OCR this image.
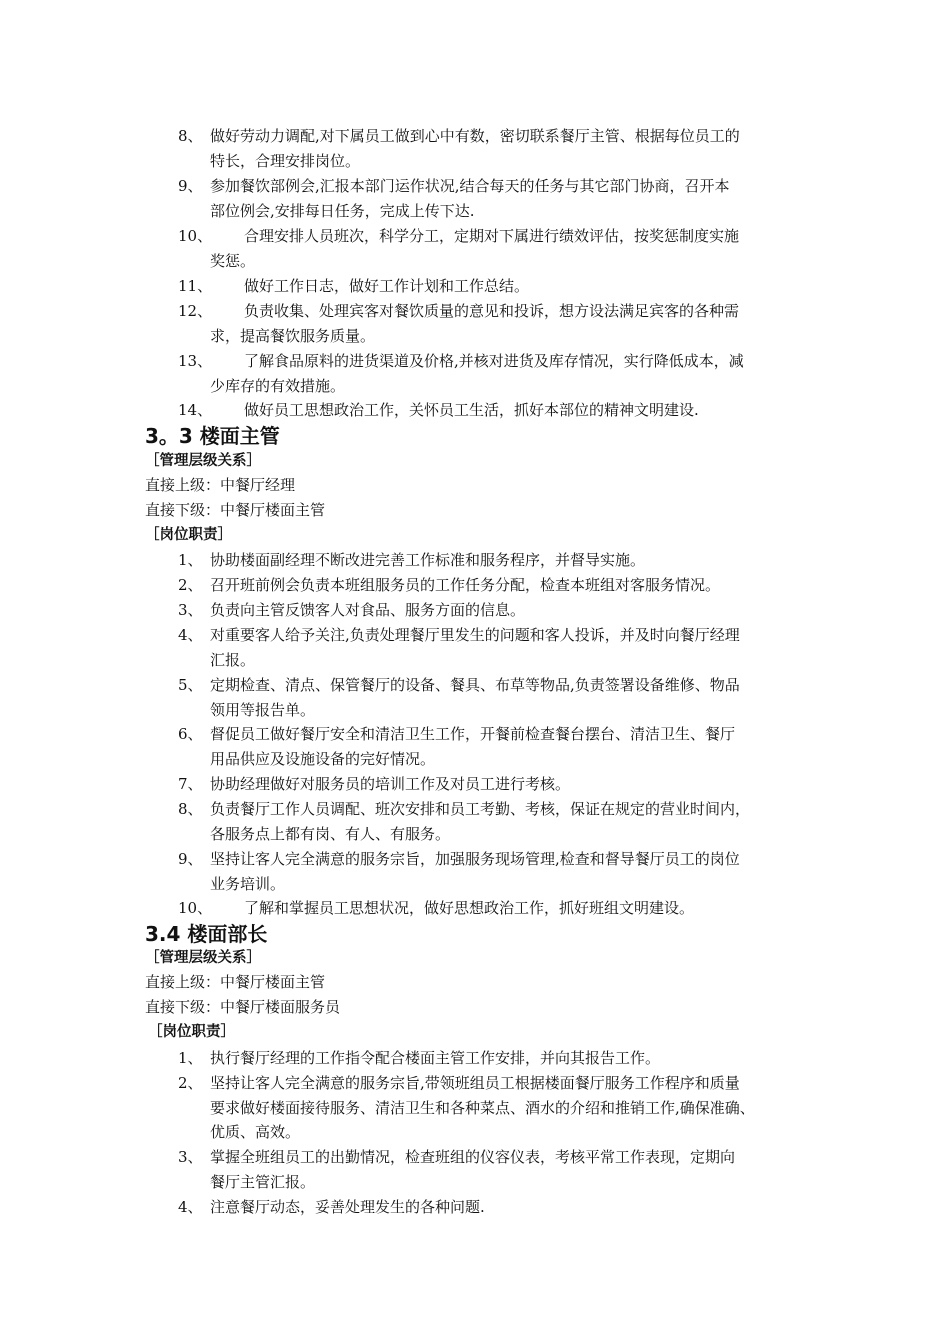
8、 做好劳动力调配,对下属员工做到心中有数，密切联系餐厅主管、根据每位员工的
特长，合理安排岗位。
9、 参加餐饮部例会,汇报本部门运作状况,结合每天的任务与其它部门协商，召开本
部位例会,安排每日任务，完成上传下达.
10、	合理安排人员班次，科学分工，定期对下属进行绩效评估，按奖惩制度实施
奖惩。
11、	做好工作日志，做好工作计划和工作总结。
12、	负责收集、处理宾客对餐饮质量的意见和投诉，想方设法满足宾客的各种需
求，提高餐饮服务质量。
13、	了解食品原料的进货渠道及价格,并核对进货及库存情况，实行降低成本，减
少库存的有效措施。
14、	做好员工思想政治工作，关怀员工生活，抓好本部位的精神文明建设.
3。3 楼面主管
［管理层级关系］
直接上级：中餐厅经理
直接下级：中餐厅楼面主管
［岗位职责］
1、 协助楼面副经理不断改进完善工作标准和服务程序，并督导实施。
2、 召开班前例会负责本班组服务员的工作任务分配，检查本班组对客服务情况。
3、 负责向主管反馈客人对食品、服务方面的信息。
4、 对重要客人给予关注,负责处理餐厅里发生的问题和客人投诉，并及时向餐厅经理
汇报。
5、 定期检查、清点、保管餐厅的设备、餐具、布草等物品,负责签署设备维修、物品
领用等报告单。
6、 督促员工做好餐厅安全和清洁卫生工作，开餐前检查餐台摆台、清洁卫生、餐厅
用品供应及设施设备的完好情况。
7、 协助经理做好对服务员的培训工作及对员工进行考核。
8、 负责餐厅工作人员调配、班次安排和员工考勤、考核，保证在规定的营业时间内，
各服务点上都有岗、有人、有服务。
9、 坚持让客人完全满意的服务宗旨，加强服务现场管理,检查和督导餐厅员工的岗位
业务培训。
10、	了解和掌握员工思想状况，做好思想政治工作，抓好班组文明建设。
3.4 楼面部长
［管理层级关系］
直接上级：中餐厅楼面主管
直接下级：中餐厅楼面服务员
［岗位职责］
1、 执行餐厅经理的工作指令配合楼面主管工作安排，并向其报告工作。
2、 坚持让客人完全满意的服务宗旨,带领班组员工根据楼面餐厅服务工作程序和质量
要求做好楼面接待服务、清洁卫生和各种菜点、酒水的介绍和推销工作,确保准确、
优质、高效。
3、 掌握全班组员工的出勤情况，检查班组的仪容仪表，考核平常工作表现，定期向
餐厅主管汇报。
4、 注意餐厅动态，妥善处理发生的各种问题.
